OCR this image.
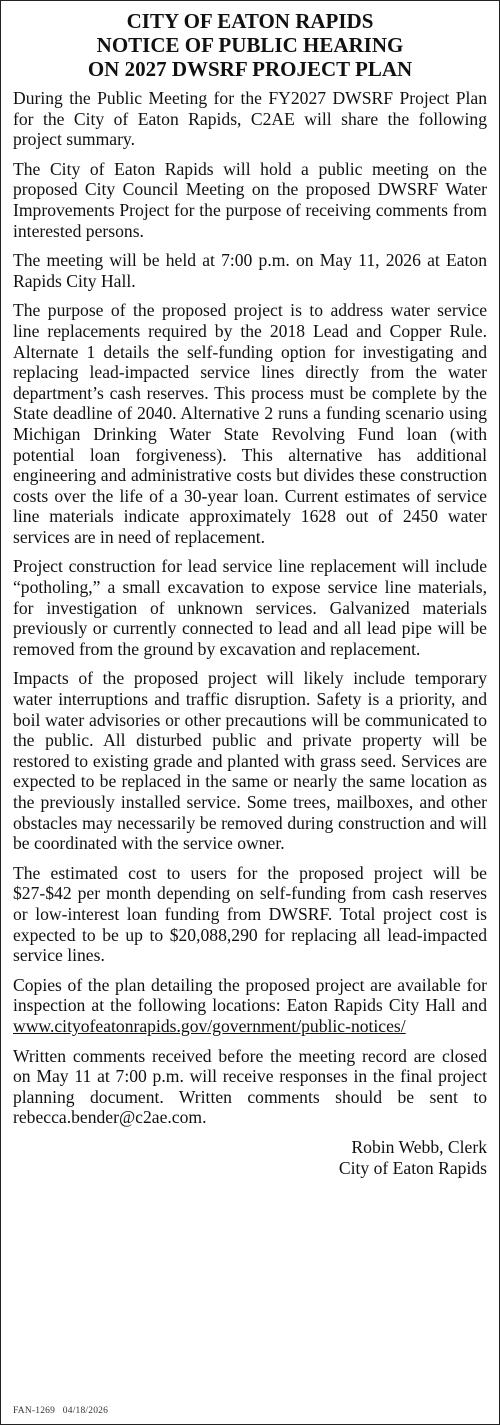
CITY OF EATON RAPIDS
NOTICE OF PUBLIC HEARING
ON 2027 DWSRF PROJECT PLAN

During the Public Meeting for the FY2027 DWSRF Project Plan for the City of Eaton Rapids, C2AE will share the following project summary.

The City of Eaton Rapids will hold a public meeting on the proposed City Council Meeting on the proposed DWSRF Water Improvements Project for the purpose of receiving comments from interested persons.

The meeting will be held at 7:00 p.m. on May 11, 2026 at Eaton Rapids City Hall.

The purpose of the proposed project is to address water service line replacements required by the 2018 Lead and Copper Rule. Alternate 1 details the self-funding option for investigating and replacing lead-impacted service lines directly from the water department’s cash reserves. This process must be complete by the State deadline of 2040. Alternative 2 runs a funding scenario using Michigan Drinking Water State Revolving Fund loan (with potential loan forgiveness). This alternative has additional engineering and administrative costs but divides these construction costs over the life of a 30-year loan. Current estimates of service line materials indicate approximately 1628 out of 2450 water services are in need of replacement.

Project construction for lead service line replacement will include “potholing,” a small excavation to expose service line materials, for investigation of unknown services. Galvanized materials previously or currently connected to lead and all lead pipe will be removed from the ground by excavation and replacement.

Impacts of the proposed project will likely include temporary water interruptions and traffic disruption. Safety is a priority, and boil water advisories or other precautions will be communicated to the public. All disturbed public and private property will be restored to existing grade and planted with grass seed. Services are expected to be replaced in the same or nearly the same location as the previously installed service. Some trees, mailboxes, and other obstacles may necessarily be removed during construction and will be coordinated with the service owner.

The estimated cost to users for the proposed project will be $27-$42 per month depending on self-funding from cash reserves or low-interest loan funding from DWSRF. Total project cost is expected to be up to $20,088,290 for replacing all lead-impacted service lines.

Copies of the plan detailing the proposed project are available for inspection at the following locations: Eaton Rapids City Hall and www.cityofeatonrapids.gov/government/public-notices/

Written comments received before the meeting record are closed on May 11 at 7:00 p.m. will receive responses in the final project planning document. Written comments should be sent to rebecca.bender@c2ae.com.

Robin Webb, Clerk
City of Eaton Rapids
FAN-1269   04/18/2026
